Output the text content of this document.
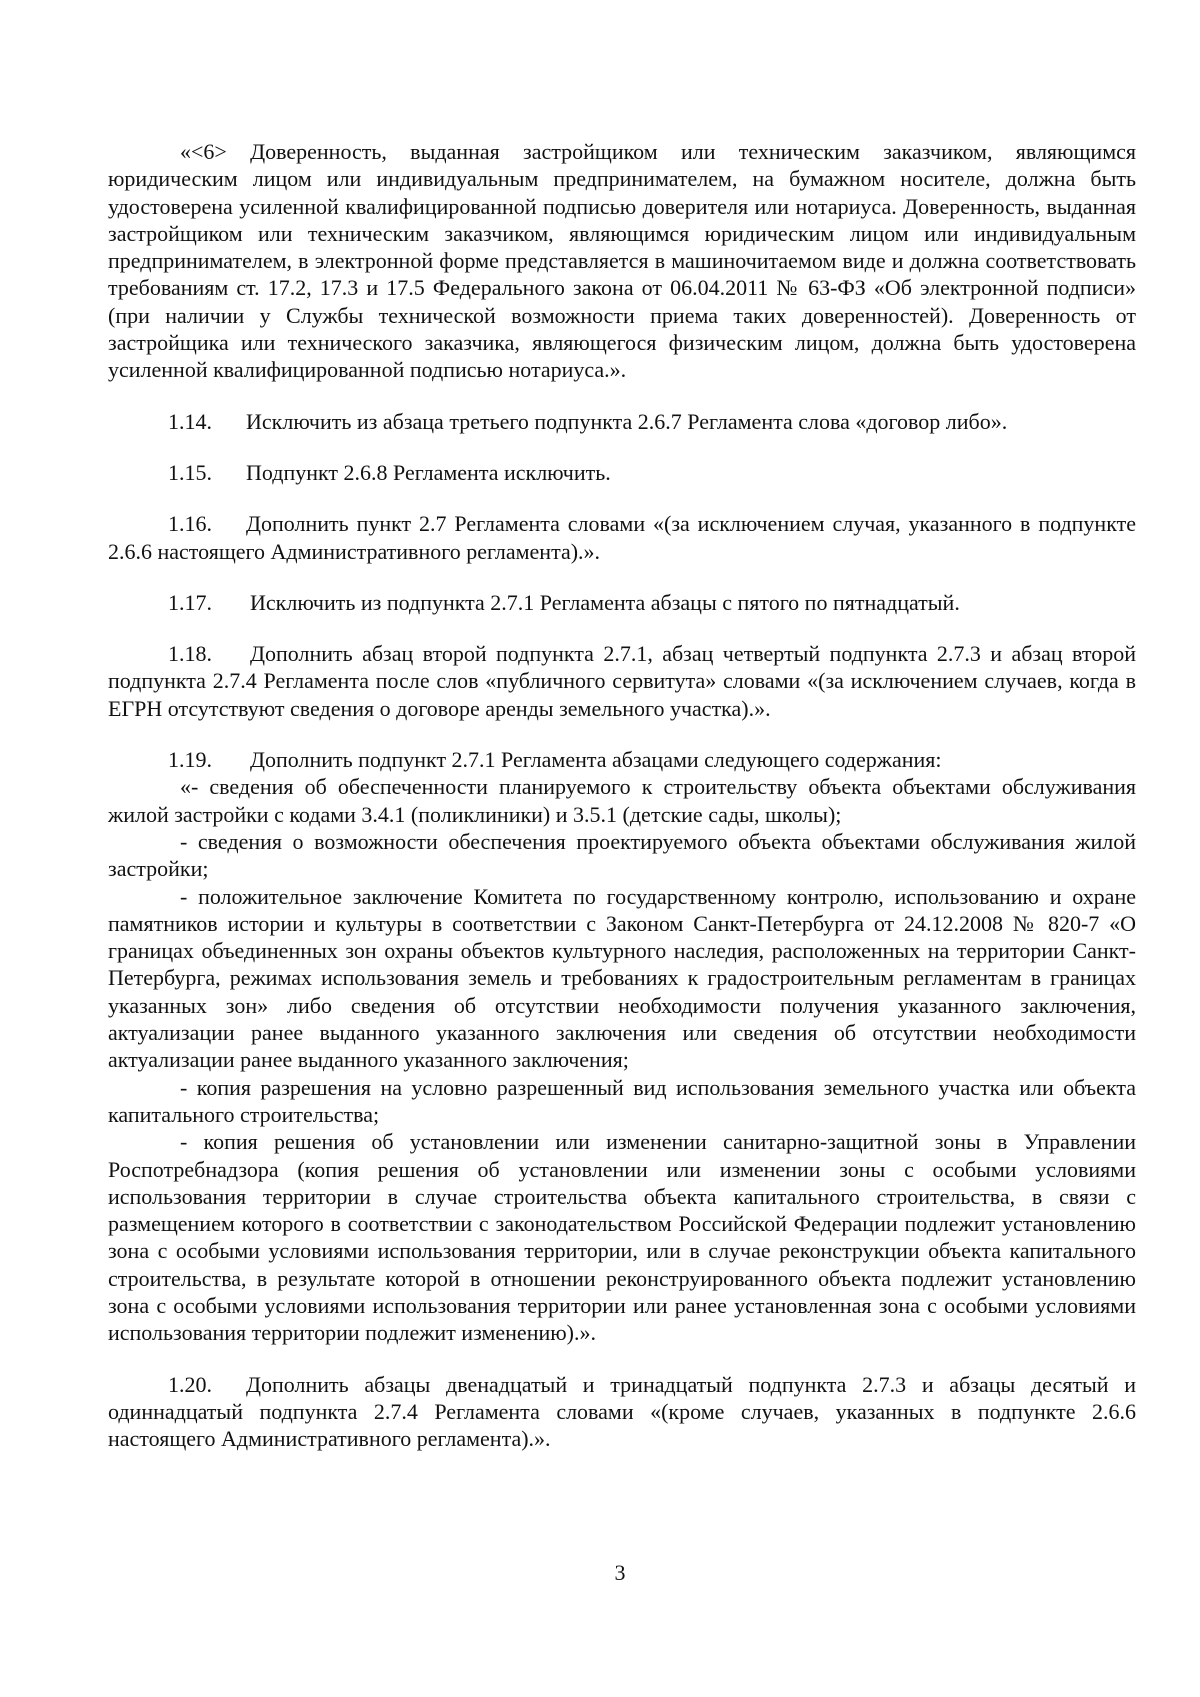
«<6> Доверенность, выданная застройщиком или техническим заказчиком, являющимся юридическим лицом или индивидуальным предпринимателем, на бумажном носителе, должна быть удостоверена усиленной квалифицированной подписью доверителя или нотариуса. Доверенность, выданная застройщиком или техническим заказчиком, являющимся юридическим лицом или индивидуальным предпринимателем, в электронной форме представляется в машиночитаемом виде и должна соответствовать требованиям ст. 17.2, 17.3 и 17.5 Федерального закона от 06.04.2011 № 63-ФЗ «Об электронной подписи» (при наличии у Службы технической возможности приема таких доверенностей). Доверенность от застройщика или технического заказчика, являющегося физическим лицом, должна быть удостоверена усиленной квалифицированной подписью нотариуса.».

1.14. Исключить из абзаца третьего подпункта 2.6.7 Регламента слова «договор либо».

1.15. Подпункт 2.6.8 Регламента исключить.

1.16. Дополнить пункт 2.7 Регламента словами «(за исключением случая, указанного в подпункте 2.6.6 настоящего Административного регламента).».

1.17. Исключить из подпункта 2.7.1 Регламента абзацы с пятого по пятнадцатый.

1.18. Дополнить абзац второй подпункта 2.7.1, абзац четвертый подпункта 2.7.3 и абзац второй подпункта 2.7.4 Регламента после слов «публичного сервитута» словами «(за исключением случаев, когда в ЕГРН отсутствуют сведения о договоре аренды земельного участка).».

1.19. Дополнить подпункт 2.7.1 Регламента абзацами следующего содержания:

«- сведения об обеспеченности планируемого к строительству объекта объектами обслуживания жилой застройки с кодами 3.4.1 (поликлиники) и 3.5.1 (детские сады, школы);

- сведения о возможности обеспечения проектируемого объекта объектами обслуживания жилой застройки;

- положительное заключение Комитета по государственному контролю, использованию и охране памятников истории и культуры в соответствии с Законом Санкт-Петербурга от 24.12.2008 № 820-7 «О границах объединенных зон охраны объектов культурного наследия, расположенных на территории Санкт-Петербурга, режимах использования земель и требованиях к градостроительным регламентам в границах указанных зон» либо сведения об отсутствии необходимости получения указанного заключения, актуализации ранее выданного указанного заключения или сведения об отсутствии необходимости актуализации ранее выданного указанного заключения;

- копия разрешения на условно разрешенный вид использования земельного участка или объекта капитального строительства;

- копия решения об установлении или изменении санитарно-защитной зоны в Управлении Роспотребнадзора (копия решения об установлении или изменении зоны с особыми условиями использования территории в случае строительства объекта капитального строительства, в связи с размещением которого в соответствии с законодательством Российской Федерации подлежит установлению зона с особыми условиями использования территории, или в случае реконструкции объекта капитального строительства, в результате которой в отношении реконструированного объекта подлежит установлению зона с особыми условиями использования территории или ранее установленная зона с особыми условиями использования территории подлежит изменению).».

1.20. Дополнить абзацы двенадцатый и тринадцатый подпункта 2.7.3 и абзацы десятый и одиннадцатый подпункта 2.7.4 Регламента словами «(кроме случаев, указанных в подпункте 2.6.6 настоящего Административного регламента).».

3
